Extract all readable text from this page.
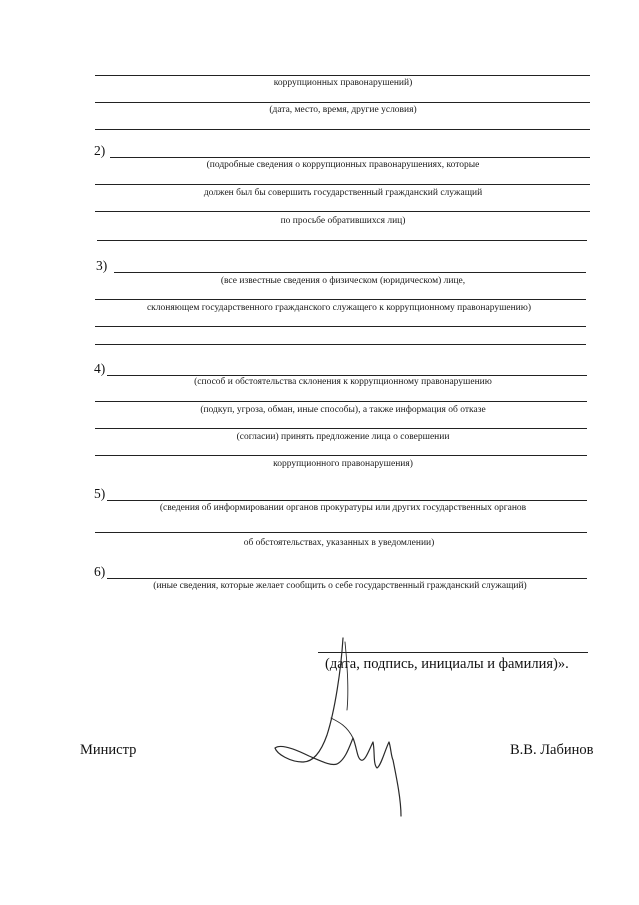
коррупционных правонарушений)
(дата, место, время, другие условия)
2)
(подробные сведения о коррупционных правонарушениях, которые
должен был бы совершить государственный гражданский служащий
по просьбе обратившихся лиц)
3)
(все известные сведения о физическом (юридическом) лице,
склоняющем государственного гражданского служащего к коррупционному правонарушению)
4)
(способ и обстоятельства склонения к коррупционному правонарушению
(подкуп, угроза, обман, иные способы), а также информация об отказе
(согласии) принять предложение лица о совершении
коррупционного правонарушения)
5)
(сведения об информировании органов прокуратуры или других государственных органов
об обстоятельствах, указанных в уведомлении)
6)
(иные сведения, которые желает сообщить о себе государственный гражданский служащий)
(дата, подпись, инициалы и фамилия)».
Министр	В.В. Лабинов
